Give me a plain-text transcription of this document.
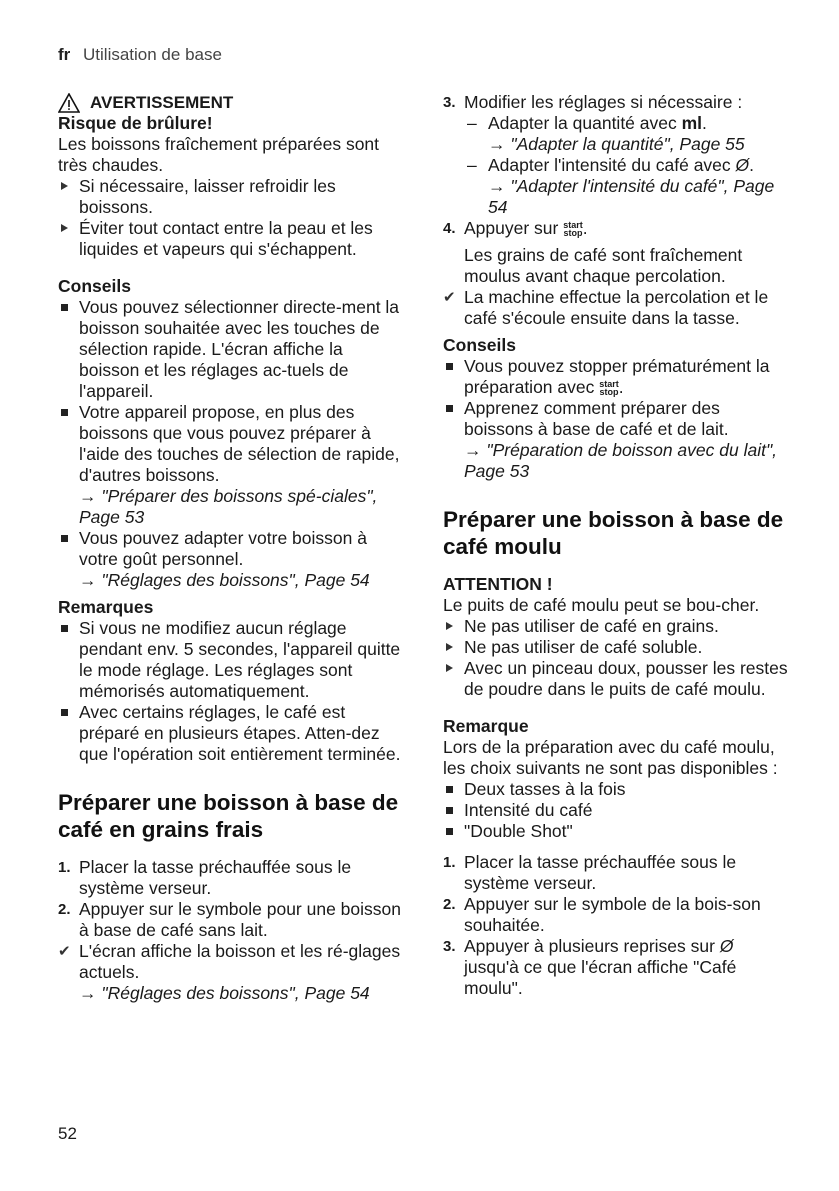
fr Utilisation de base
AVERTISSEMENT

Risque de brûlure!

Les boissons fraîchement préparées sont très chaudes.

Si nécessaire, laisser refroidir les boissons.
Éviter tout contact entre la peau et les liquides et vapeurs qui s'échappent.

Conseils

Vous pouvez sélectionner directe-ment la boisson souhaitée avec les touches de sélection rapide. L'écran affiche la boisson et les réglages ac-tuels de l'appareil.
Votre appareil propose, en plus des boissons que vous pouvez préparer à l'aide des touches de sélection de rapide, d'autres boissons.
→ "Préparer des boissons spé-ciales", Page 53
Vous pouvez adapter votre boisson à votre goût personnel.
→ "Réglages des boissons", Page 54

Remarques

Si vous ne modifiez aucun réglage pendant env. 5 secondes, l'appareil quitte le mode réglage. Les réglages sont mémorisés automatiquement.
Avec certains réglages, le café est préparé en plusieurs étapes. Atten-dez que l'opération soit entièrement terminée.
Préparer une boisson à base de café en grains frais
1. Placer la tasse préchauffée sous le système verseur.
2. Appuyer sur le symbole pour une boisson à base de café sans lait.
✔ L'écran affiche la boisson et les ré-glages actuels.
→ "Réglages des boissons", Page 54
3. Modifier les réglages si nécessaire :
– Adapter la quantité avec ml.
→ "Adapter la quantité", Page 55
– Adapter l'intensité du café avec Ø.
→ "Adapter l'intensité du café", Page 54
4. Appuyer sur start
stop.

Les grains de café sont fraîchement moulus avant chaque percolation.

✔ La machine effectue la percolation et le café s'écoule ensuite dans la tasse.

Conseils

Vous pouvez stopper prématurément la préparation avec start
stop.
Apprenez comment préparer des boissons à base de café et de lait.
→ "Préparation de boisson avec du lait", Page 53
Préparer une boisson à base de café moulu

ATTENTION !

Le puits de café moulu peut se bou-cher.

Ne pas utiliser de café en grains.
Ne pas utiliser de café soluble.
Avec un pinceau doux, pousser les restes de poudre dans le puits de café moulu.

Remarque

Lors de la préparation avec du café moulu, les choix suivants ne sont pas disponibles :

Deux tasses à la fois
Intensité du café
"Double Shot"
1. Placer la tasse préchauffée sous le système verseur.
2. Appuyer sur le symbole de la bois-son souhaitée.
3. Appuyer à plusieurs reprises sur Ø jusqu'à ce que l'écran affiche "Café moulu".
52
